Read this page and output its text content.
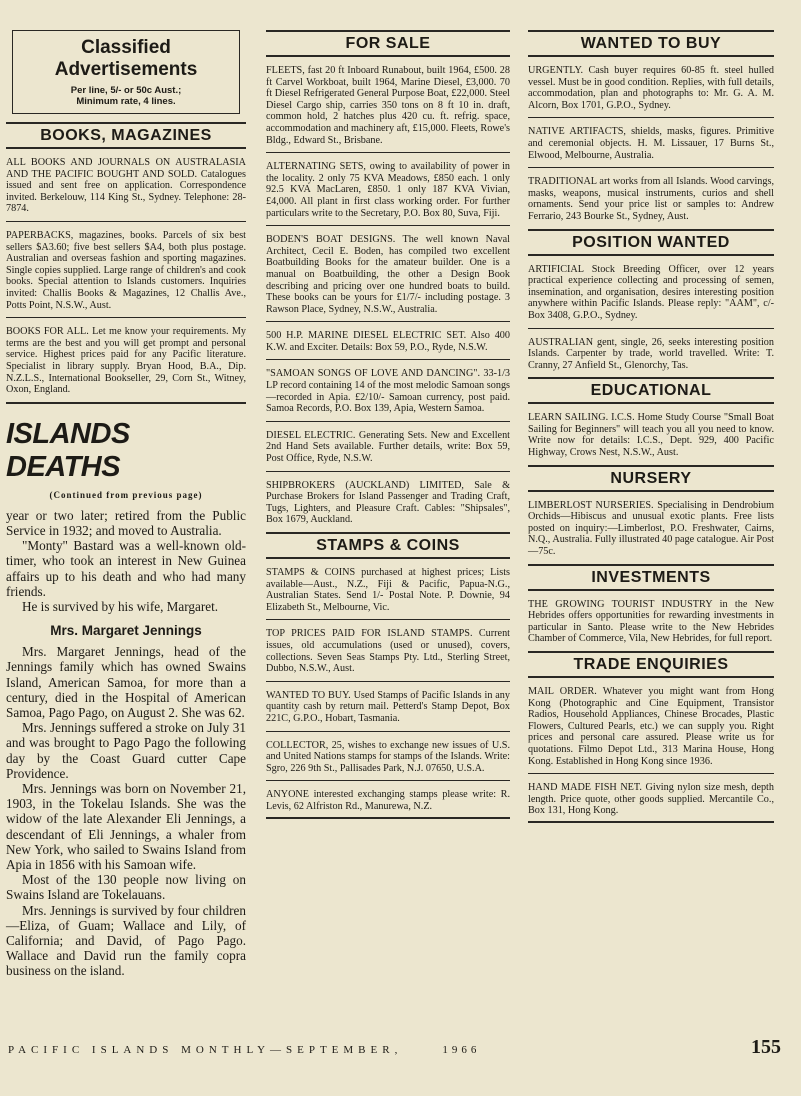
Classified Advertisements
Per line, 5/- or 50c Aust.;
Minimum rate, 4 lines.
BOOKS, MAGAZINES

ALL BOOKS AND JOURNALS ON AUSTRALASIA AND THE PACIFIC BOUGHT AND SOLD. Catalogues issued and sent free on application. Correspondence invited. Berkelouw, 114 King St., Sydney. Telephone: 28-7874.

PAPERBACKS, magazines, books. Parcels of six best sellers $A3.60; five best sellers $A4, both plus postage. Australian and overseas fashion and sporting magazines. Single copies supplied. Large range of children's and cook books. Special attention to Islands customers. Inquiries invited: Challis Books & Magazines, 12 Challis Ave., Potts Point, N.S.W., Aust.

BOOKS FOR ALL. Let me know your requirements. My terms are the best and you will get prompt and personal service. Highest prices paid for any Pacific literature. Specialist in library supply. Bryan Hood, B.A., Dip. N.Z.L.S., International Bookseller, 29, Corn St., Witney, Oxon, England.

ISLANDS DEATHS
(Continued from previous page)

year or two later; retired from the Public Service in 1932; and moved to Australia.

"Monty" Bastard was a well-known old-timer, who took an interest in New Guinea affairs up to his death and who had many friends.

He is survived by his wife, Margaret.

Mrs. Margaret Jennings

Mrs. Margaret Jennings, head of the Jennings family which has owned Swains Island, American Samoa, for more than a century, died in the Hospital of American Samoa, Pago Pago, on August 2. She was 62.

Mrs. Jennings suffered a stroke on July 31 and was brought to Pago Pago the following day by the Coast Guard cutter Cape Providence.

Mrs. Jennings was born on November 21, 1903, in the Tokelau Islands. She was the widow of the late Alexander Eli Jennings, a descendant of Eli Jennings, a whaler from New York, who sailed to Swains Island from Apia in 1856 with his Samoan wife.

Most of the 130 people now living on Swains Island are Tokelauans.

Mrs. Jennings is survived by four children—Eliza, of Guam; Wallace and Lily, of California; and David, of Pago Pago. Wallace and David run the family copra business on the island.

FOR SALE

FLEETS, fast 20 ft Inboard Runabout, built 1964, £500. 28 ft Carvel Workboat, built 1964, Marine Diesel, £3,000. 70 ft Diesel Refrigerated General Purpose Boat, £22,000. Steel Diesel Cargo ship, carries 350 tons on 8 ft 10 in. draft, common hold, 2 hatches plus 420 cu. ft. refrig. space, accommodation and machinery aft, £15,000. Fleets, Rowe's Bldg., Edward St., Brisbane.

ALTERNATING SETS, owing to availability of power in the locality. 2 only 75 KVA Meadows, £850 each. 1 only 92.5 KVA MacLaren, £850. 1 only 187 KVA Vivian, £4,000. All plant in first class working order. For further particulars write to the Secretary, P.O. Box 80, Suva, Fiji.

BODEN'S BOAT DESIGNS. The well known Naval Architect, Cecil E. Boden, has compiled two excellent Boatbuilding Books for the amateur builder. One is a manual on Boatbuilding, the other a Design Book describing and pricing over one hundred boats to build. These books can be yours for £1/7/- including postage. 3 Rawson Place, Sydney, N.S.W., Australia.

500 H.P. MARINE DIESEL ELECTRIC SET. Also 400 K.W. and Exciter. Details: Box 59, P.O., Ryde, N.S.W.

"SAMOAN SONGS OF LOVE AND DANCING". 33-1/3 LP record containing 14 of the most melodic Samoan songs—recorded in Apia. £2/10/- Samoan currency, post paid. Samoa Records, P.O. Box 139, Apia, Western Samoa.

DIESEL ELECTRIC. Generating Sets. New and Excellent 2nd Hand Sets available. Further details, write: Box 59, Post Office, Ryde, N.S.W.

SHIPBROKERS (AUCKLAND) LIMITED, Sale & Purchase Brokers for Island Passenger and Trading Craft, Tugs, Lighters, and Pleasure Craft. Cables: "Shipsales", Box 1679, Auckland.

STAMPS & COINS

STAMPS & COINS purchased at highest prices; Lists available—Aust., N.Z., Fiji & Pacific, Papua-N.G., Australian States. Send 1/- Postal Note. P. Downie, 94 Elizabeth St., Melbourne, Vic.

TOP PRICES PAID FOR ISLAND STAMPS. Current issues, old accumulations (used or unused), covers, collections. Seven Seas Stamps Pty. Ltd., Sterling Street, Dubbo, N.S.W., Aust.

WANTED TO BUY. Used Stamps of Pacific Islands in any quantity cash by return mail. Petterd's Stamp Depot, Box 221C, G.P.O., Hobart, Tasmania.

COLLECTOR, 25, wishes to exchange new issues of U.S. and United Nations stamps for stamps of the Islands. Write: Sgro, 226 9th St., Pallisades Park, N.J. 07650, U.S.A.

ANYONE interested exchanging stamps please write: R. Levis, 62 Alfriston Rd., Manurewa, N.Z.

WANTED TO BUY

URGENTLY. Cash buyer requires 60-85 ft. steel hulled vessel. Must be in good condition. Replies, with full details, accommodation, plan and photographs to: Mr. G. A. M. Alcorn, Box 1701, G.P.O., Sydney.

NATIVE ARTIFACTS, shields, masks, figures. Primitive and ceremonial objects. H. M. Lissauer, 17 Burns St., Elwood, Melbourne, Australia.

TRADITIONAL art works from all Islands. Wood carvings, masks, weapons, musical instruments, curios and shell ornaments. Send your price list or samples to: Andrew Ferrario, 243 Bourke St., Sydney, Aust.

POSITION WANTED

ARTIFICIAL Stock Breeding Officer, over 12 years practical experience collecting and processing of semen, insemination, and organisation, desires interesting position anywhere within Pacific Islands. Please reply: "AAM", c/- Box 3408, G.P.O., Sydney.

AUSTRALIAN gent, single, 26, seeks interesting position Islands. Carpenter by trade, world travelled. Write: T. Cranny, 27 Anfield St., Glenorchy, Tas.

EDUCATIONAL

LEARN SAILING. I.C.S. Home Study Course "Small Boat Sailing for Beginners" will teach you all you need to know. Write now for details: I.C.S., Dept. 929, 400 Pacific Highway, Crows Nest, N.S.W., Aust.

NURSERY

LIMBERLOST NURSERIES. Specialising in Dendrobium Orchids—Hibiscus and unusual exotic plants. Free lists posted on inquiry:—Limberlost, P.O. Freshwater, Cairns, N.Q., Australia. Fully illustrated 40 page catalogue. Air Post—75c.

INVESTMENTS

THE GROWING TOURIST INDUSTRY in the New Hebrides offers opportunities for rewarding investments in particular in Santo. Please write to the New Hebrides Chamber of Commerce, Vila, New Hebrides, for full report.

TRADE ENQUIRIES

MAIL ORDER. Whatever you might want from Hong Kong (Photographic and Cine Equipment, Transistor Radios, Household Appliances, Chinese Brocades, Plastic Flowers, Cultured Pearls, etc.) we can supply you. Right prices and personal care assured. Please write us for quotations. Filmo Depot Ltd., 313 Marina House, Hong Kong. Established in Hong Kong since 1936.

HAND MADE FISH NET. Giving nylon size mesh, depth length. Price quote, other goods supplied. Mercantile Co., Box 131, Hong Kong.

PACIFIC ISLANDS MONTHLY—SEPTEMBER,	1966	155
